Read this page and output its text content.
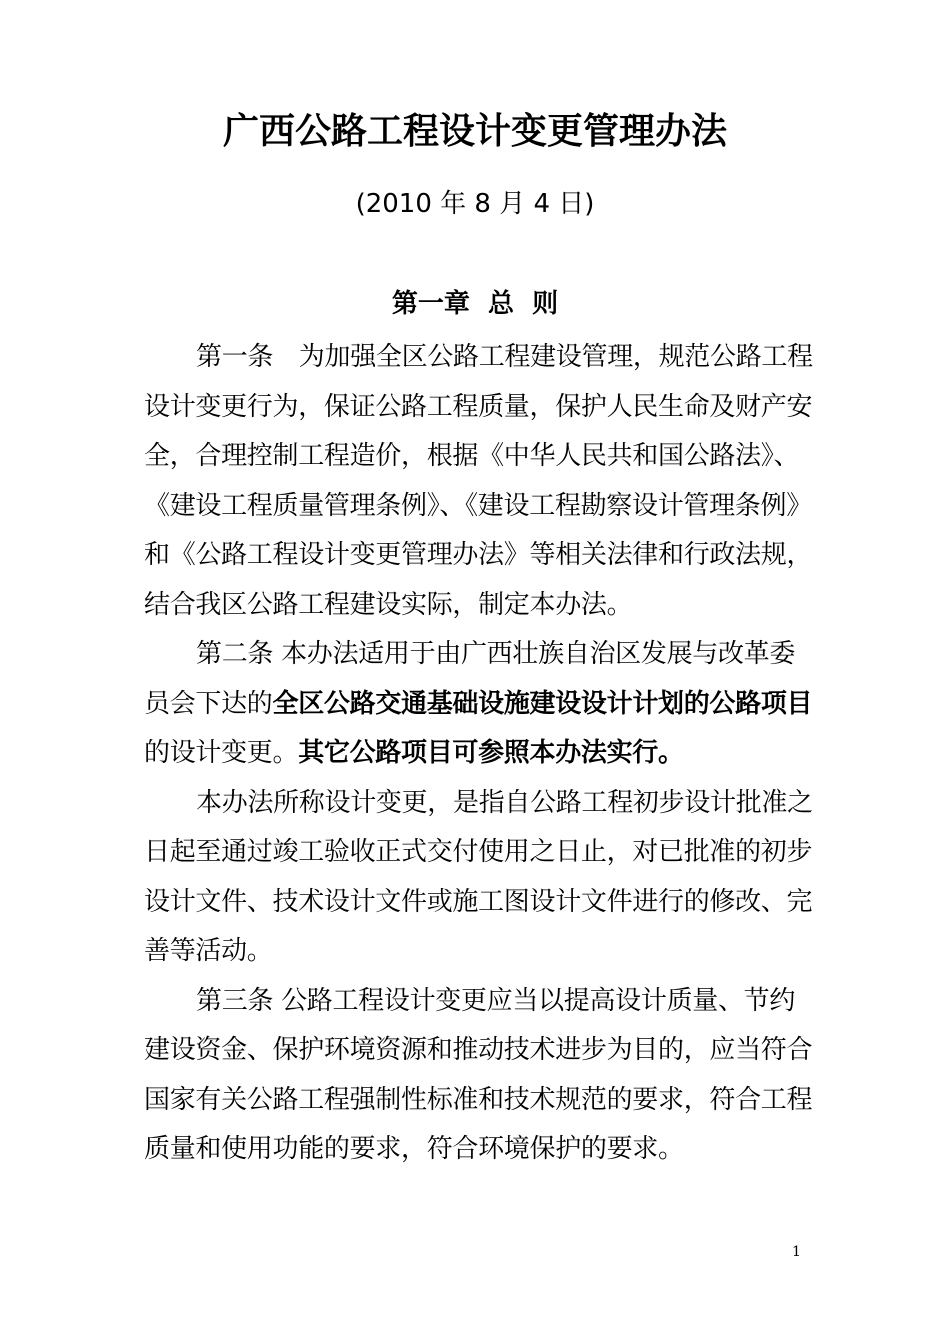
广西公路工程设计变更管理办法
(2010 年 8 月 4 日)
第一章  总  则

第一条　为加强全区公路工程建设管理，规范公路工程设计变更行为，保证公路工程质量，保护人民生命及财产安全，合理控制工程造价，根据《中华人民共和国公路法》、《建设工程质量管理条例》、《建设工程勘察设计管理条例》和《公路工程设计变更管理办法》等相关法律和行政法规，结合我区公路工程建设实际，制定本办法。

第二条 本办法适用于由广西壮族自治区发展与改革委员会下达的全区公路交通基础设施建设设计计划的公路项目的设计变更。其它公路项目可参照本办法实行。

本办法所称设计变更，是指自公路工程初步设计批准之日起至通过竣工验收正式交付使用之日止，对已批准的初步设计文件、技术设计文件或施工图设计文件进行的修改、完善等活动。

第三条 公路工程设计变更应当以提高设计质量、节约建设资金、保护环境资源和推动技术进步为目的，应当符合国家有关公路工程强制性标准和技术规范的要求，符合工程质量和使用功能的要求，符合环境保护的要求。

1
